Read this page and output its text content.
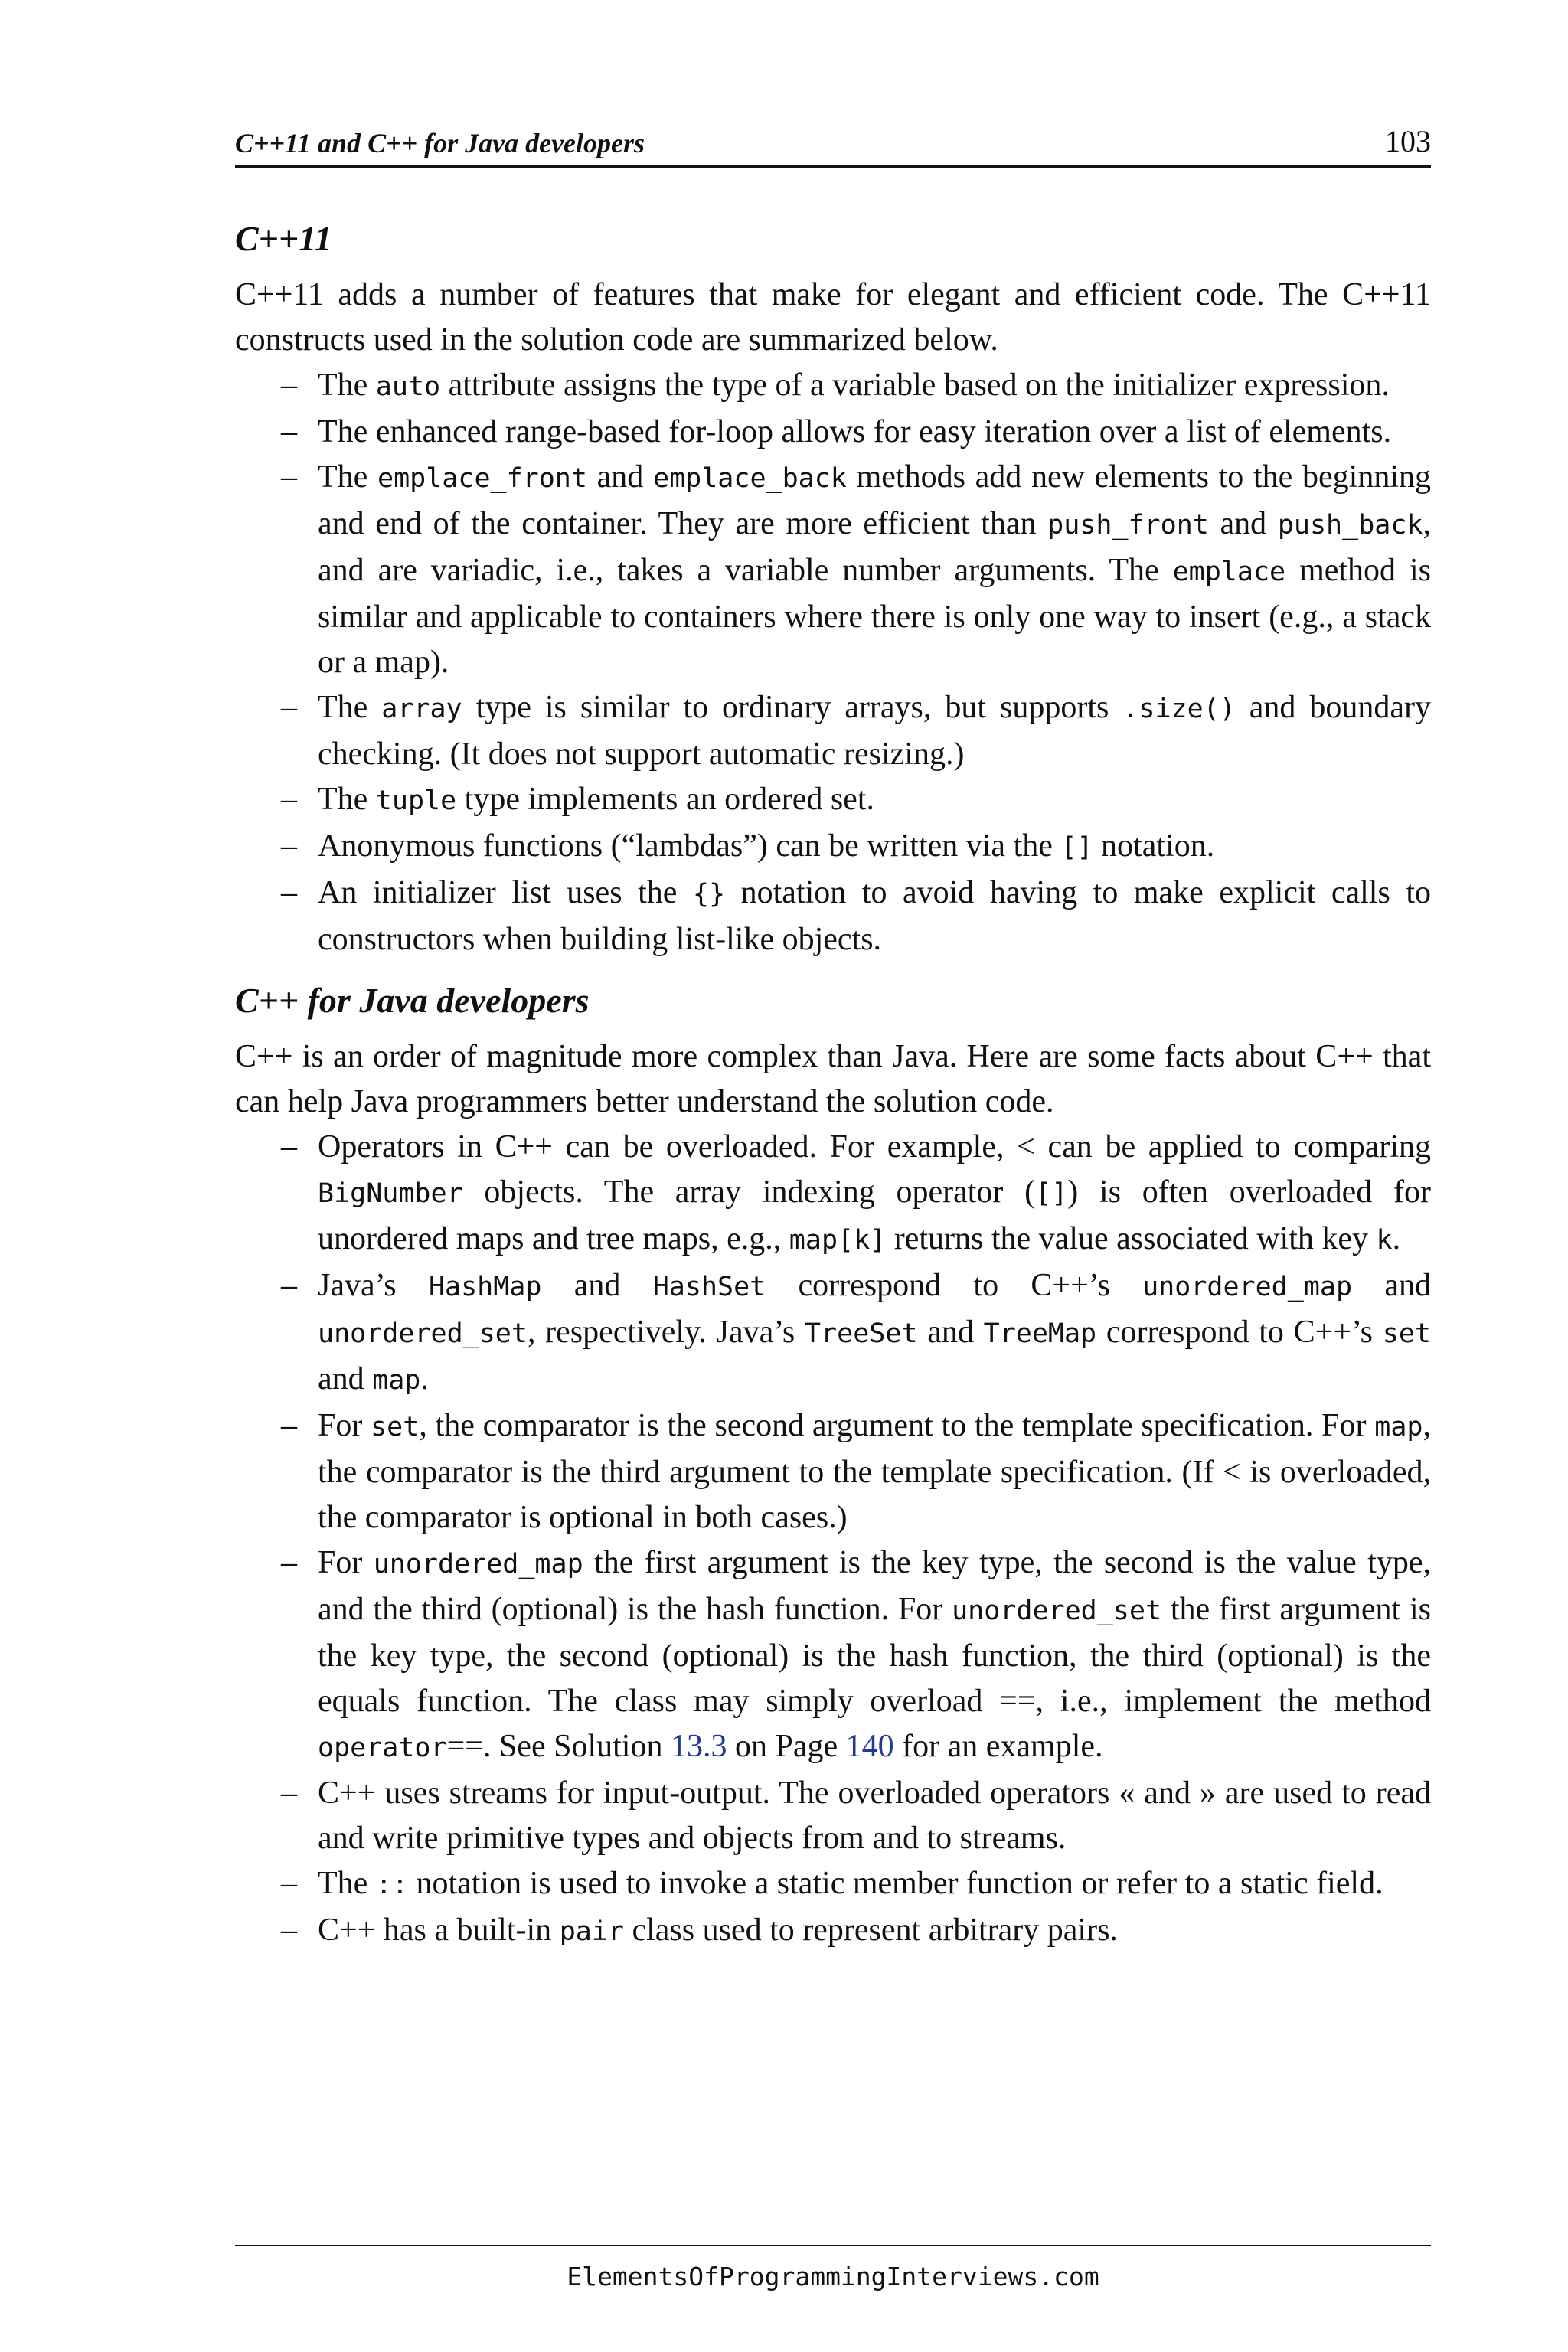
C++11 and C++ for Java developers	103
C++11

C++11 adds a number of features that make for elegant and efficient code. The C++11 constructs used in the solution code are summarized below.

– The auto attribute assigns the type of a variable based on the initializer expression.
– The enhanced range-based for-loop allows for easy iteration over a list of elements.
– The emplace_front and emplace_back methods add new elements to the beginning and end of the container. They are more efficient than push_front and push_back, and are variadic, i.e., takes a variable number arguments. The emplace method is similar and applicable to containers where there is only one way to insert (e.g., a stack or a map).
– The array type is similar to ordinary arrays, but supports .size() and boundary checking. (It does not support automatic resizing.)
– The tuple type implements an ordered set.
– Anonymous functions (“lambdas”) can be written via the [] notation.
– An initializer list uses the {} notation to avoid having to make explicit calls to constructors when building list-like objects.
C++ for Java developers

C++ is an order of magnitude more complex than Java. Here are some facts about C++ that can help Java programmers better understand the solution code.

– Operators in C++ can be overloaded. For example, < can be applied to comparing BigNumber objects. The array indexing operator ([]) is often overloaded for unordered maps and tree maps, e.g., map[k] returns the value associated with key k.
– Java’s HashMap and HashSet correspond to C++’s unordered_map and unordered_set, respectively. Java’s TreeSet and TreeMap correspond to C++’s set and map.
– For set, the comparator is the second argument to the template specification. For map, the comparator is the third argument to the template specification. (If < is overloaded, the comparator is optional in both cases.)
– For unordered_map the first argument is the key type, the second is the value type, and the third (optional) is the hash function. For unordered_set the first argument is the key type, the second (optional) is the hash function, the third (optional) is the equals function. The class may simply overload ==, i.e., implement the method operator==. See Solution 13.3 on Page 140 for an example.
– C++ uses streams for input-output. The overloaded operators « and » are used to read and write primitive types and objects from and to streams.
– The :: notation is used to invoke a static member function or refer to a static field.
– C++ has a built-in pair class used to represent arbitrary pairs.
ElementsOfProgrammingInterviews.com
